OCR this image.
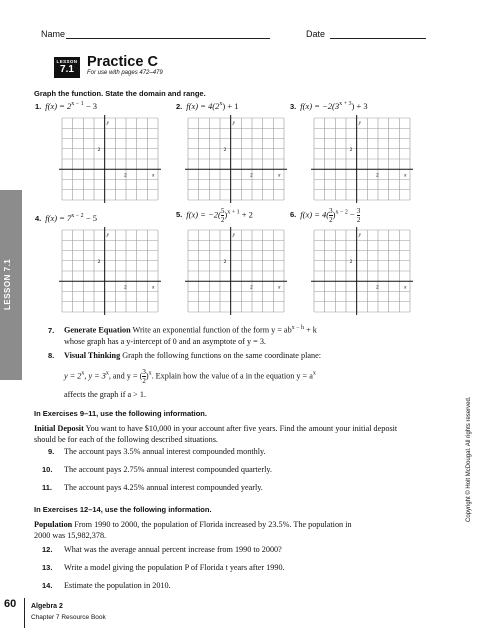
Name	Date
LESSON 7.1
LESSON
7.1 Practice C
For use with pages 472–479
Graph the function. State the domain and range.
1. $f(x) = 2^{x - 1} - 3$	2. $f(x) = 4(2^x) + 1$	3. $f(x) = -2(3^{x + 3}) + 3$
4. $f(x) = 7^{x - 2} - 5$	5. $f(x) = -2( \frac{5}{2} )^{x + 1} + 2$	6. $f(x) = 4( \frac{3}{2} )^{x - 2} - \frac{3}{2}$
y
x
2
2
y
x
2
2
y
x
2
2
y
x
2
2
y
x
2
2
y
x
2
2
7. Generate Equation Write an exponential function of the form $y = ab^{x - h} + k$
whose graph has a y-intercept of 0 and an asymptote of y = 3.
8. Visual Thinking Graph the following functions on the same coordinate plane:
$y = 2^x$, $y = 3^x$, and y = ( $\frac{3}{2} )^x$. Explain how the value of a in the equation $y = a^x$
affects the graph if a > 1.
In Exercises 9–11, use the following information.
Initial Deposit You want to have $10,000 in your account after five years. Find the amount your initial deposit should be for each of the following described situations.
9. The account pays 3.5% annual interest compounded monthly.
10. The account pays 2.75% annual interest compounded quarterly.
11. The account pays 4.25% annual interest compounded yearly.
In Exercises 12–14, use the following information.
Population From 1990 to 2000, the population of Florida increased by 23.5%. The population in 2000 was 15,982,378.
12. What was the average annual percent increase from 1990 to 2000?
13. Write a model giving the population P of Florida t years after 1990.
14. Estimate the population in 2010.
Copyright © Holt McDougal. All rights reserved.
60 Algebra 2
Chapter 7 Resource Book
